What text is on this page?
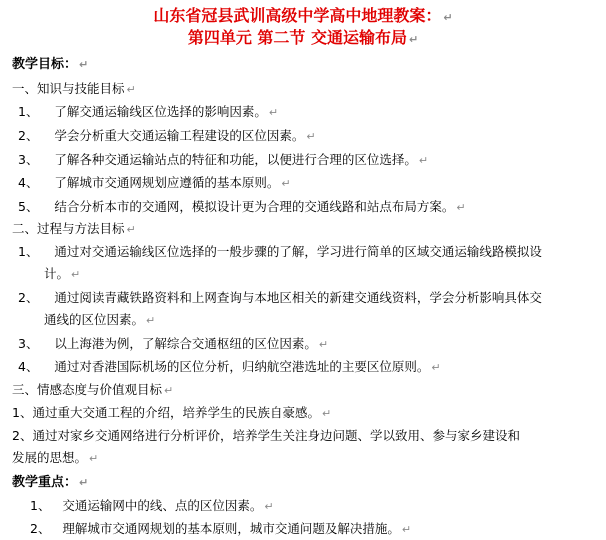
山东省冠县武训高级中学高中地理教案： ↵
第四单元 第二节 交通运输布局 ↵
教学目标： ↵
一、知识与技能目标 ↵
1、 了解交通运输线区位选择的影响因素。 ↵
2、 学会分析重大交通运输工程建设的区位因素。 ↵
3、 了解各种交通运输站点的特征和功能，以便进行合理的区位选择。 ↵
4、 了解城市交通网规划应遵循的基本原则。 ↵
5、 结合分析本市的交通网，模拟设计更为合理的交通线路和站点布局方案。 ↵
二、过程与方法目标 ↵
1、 通过对交通运输线区位选择的一般步骤的了解，学习进行简单的区域交通运输线路模拟设
计。 ↵
2、 通过阅读青藏铁路资料和上网查询与本地区相关的新建交通线资料，学会分析影响具体交
通线的区位因素。 ↵
3、 以上海港为例，了解综合交通枢纽的区位因素。 ↵
4、 通过对香港国际机场的区位分析，归纳航空港选址的主要区位原则。 ↵
三、情感态度与价值观目标 ↵
1、通过重大交通工程的介绍，培养学生的民族自豪感。 ↵
2、通过对家乡交通网络进行分析评价，培养学生关注身边问题、学以致用、参与家乡建设和
发展的思想。 ↵
教学重点： ↵
1、 交通运输网中的线、点的区位因素。 ↵
2、 理解城市交通网规划的基本原则，城市交通问题及解决措施。 ↵
